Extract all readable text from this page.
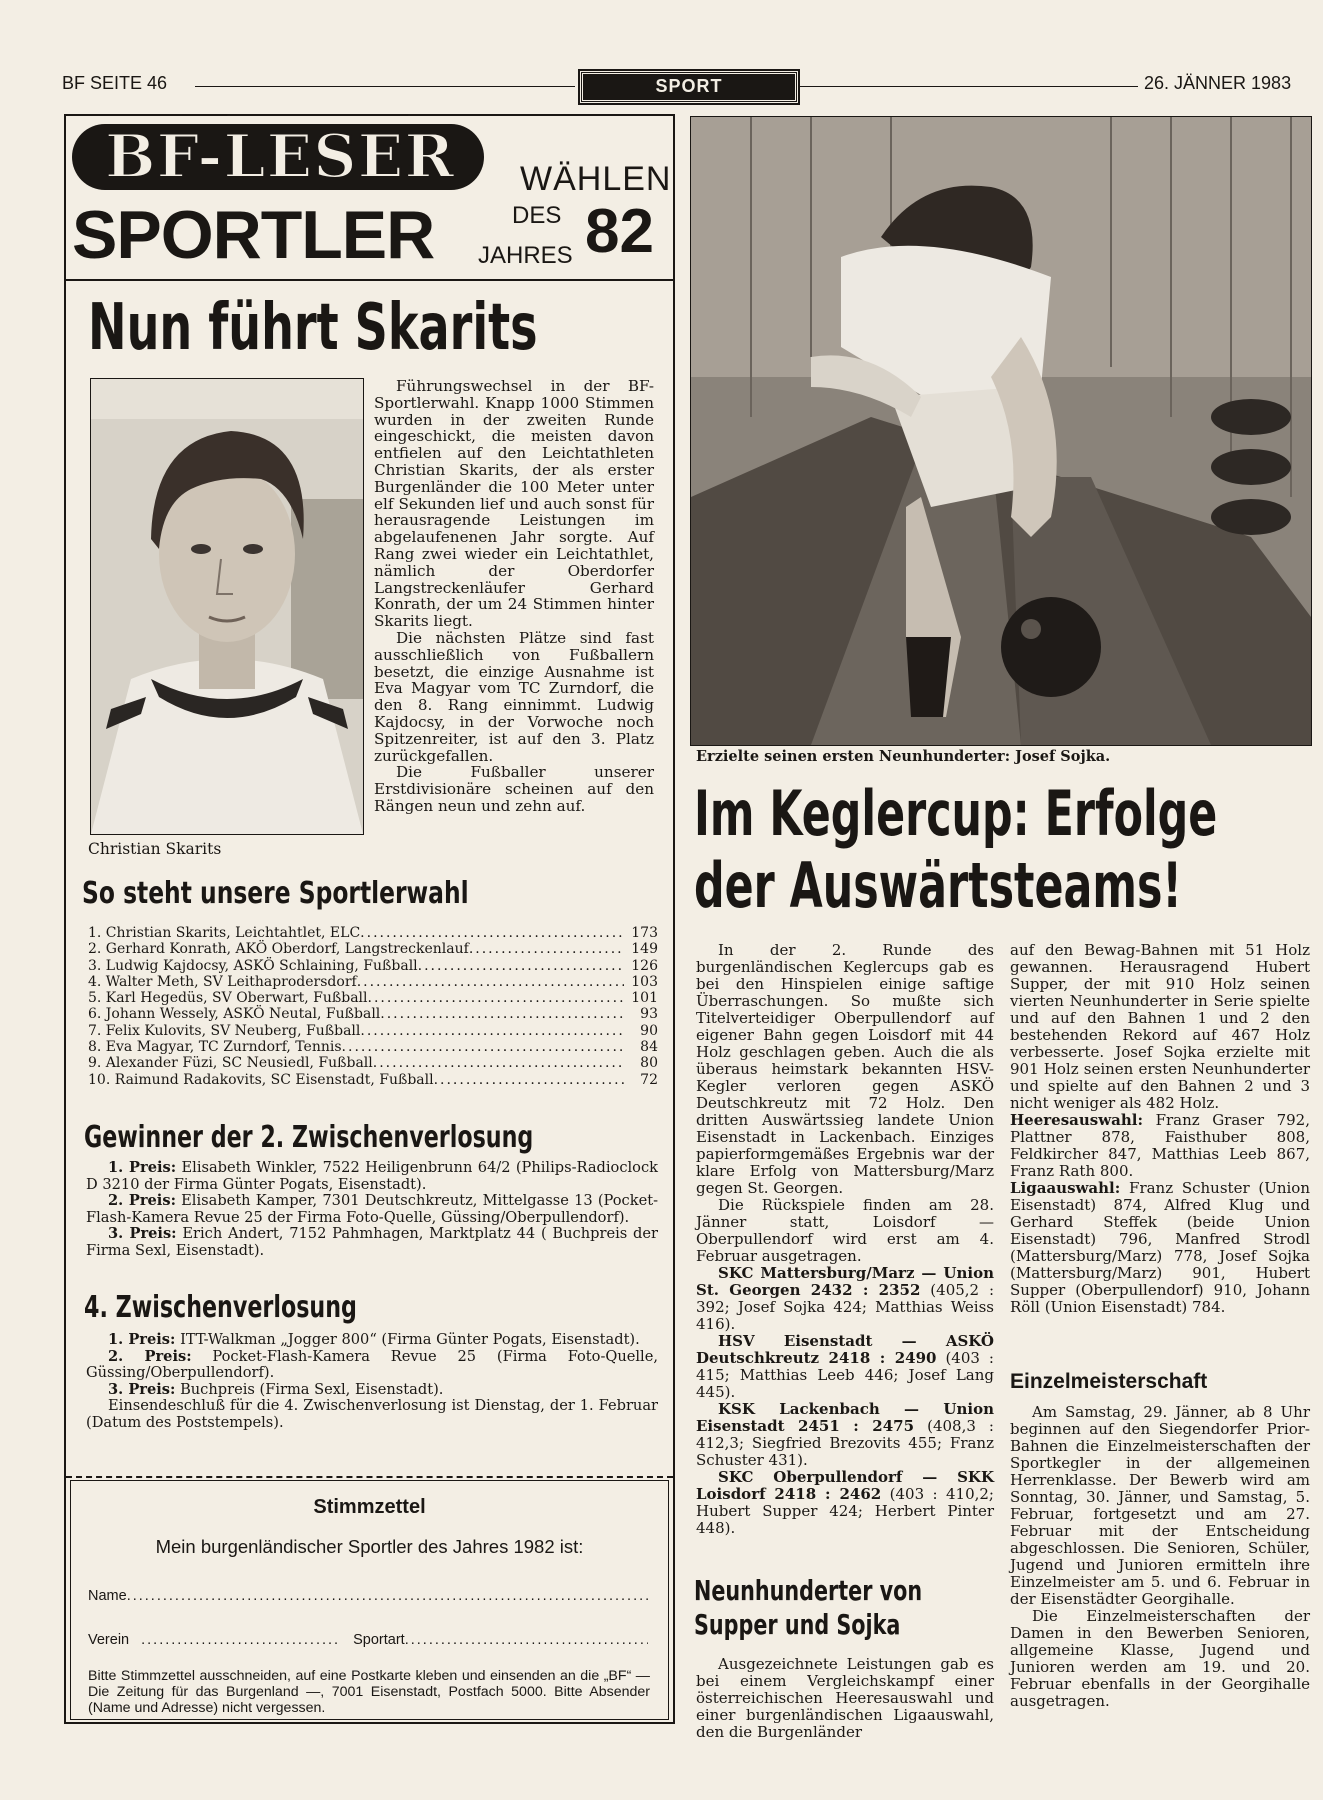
BF SEITE 46	SPORT	26. JÄNNER 1983
BF-LESER	WÄHLEN
SPORTLER	DES
JAHRES 82
Nun führt Skarits
Christian Skarits

Führungswechsel in der BF-Sportlerwahl. Knapp 1000 Stimmen wurden in der zweiten Runde eingeschickt, die meisten davon entfielen auf den Leichtathleten Christian Skarits, der als erster Burgenländer die 100 Meter unter elf Sekunden lief und auch sonst für herausragende Leistungen im abgelaufenenen Jahr sorgte. Auf Rang zwei wieder ein Leichtathlet, nämlich der Oberdorfer Langstreckenläufer Gerhard Konrath, der um 24 Stimmen hinter Skarits liegt.

Die nächsten Plätze sind fast ausschließlich von Fußballern besetzt, die einzige Ausnahme ist Eva Magyar vom TC Zurndorf, die den 8. Rang einnimmt. Ludwig Kajdocsy, in der Vorwoche noch Spitzenreiter, ist auf den 3. Platz zurückgefallen.

Die Fußballer unserer Erstdivisionäre scheinen auf den Rängen neun und zehn auf.

So steht unsere Sportlerwahl
1. Christian Skarits, Leichtahtlet, ELC .....	173
2. Gerhard Konrath, AKÖ Oberdorf, Langstreckenlauf .....	149
3. Ludwig Kajdocsy, ASKÖ Schlaining, Fußball .....	126
4. Walter Meth, SV Leithaprodersdorf .....	103
5. Karl Hegedüs, SV Oberwart, Fußball .....	101
6. Johann Wessely, ASKÖ Neutal, Fußball .....	93
7. Felix Kulovits, SV Neuberg, Fußball .....	90
8. Eva Magyar, TC Zurndorf, Tennis .....	84
9. Alexander Füzi, SC Neusiedl, Fußball .....	80
10. Raimund Radakovits, SC Eisenstadt, Fußball .....	72
Gewinner der 2. Zwischenverlosung

1. Preis: Elisabeth Winkler, 7522 Heiligenbrunn 64/2 (Philips-Radioclock D 3210 der Firma Günter Pogats, Eisenstadt).

2. Preis: Elisabeth Kamper, 7301 Deutschkreutz, Mittelgasse 13 (Pocket-Flash-Kamera Revue 25 der Firma Foto-Quelle, Güssing/Oberpullendorf).

3. Preis: Erich Andert, 7152 Pahmhagen, Marktplatz 44 ( Buchpreis der Firma Sexl, Eisenstadt).

4. Zwischenverlosung

1. Preis: ITT-Walkman „Jogger 800“ (Firma Günter Pogats, Eisenstadt).

2. Preis: Pocket-Flash-Kamera Revue 25 (Firma Foto-Quelle, Güssing/Oberpullendorf).

3. Preis: Buchpreis (Firma Sexl, Eisenstadt).

Einsendeschluß für die 4. Zwischenverlosung ist Dienstag, der 1. Februar (Datum des Poststempels).

Stimmzettel
Mein burgenländischer Sportler des Jahres 1982 ist:
Name
.....
Verein .....	Sportart
.....
Bitte Stimmzettel ausschneiden, auf eine Postkarte kleben und einsenden an die „BF“ — Die Zeitung für das Burgenland —, 7001 Eisenstadt, Postfach 5000. Bitte Absender (Name und Adresse) nicht vergessen.
Erzielte seinen ersten Neunhunderter: Josef Sojka.
Im Keglercup: Erfolge
der Auswärtsteams!

In der 2. Runde des burgenländischen Keglercups gab es bei den Hinspielen einige saftige Überraschungen. So mußte sich Titelverteidiger Oberpullendorf auf eigener Bahn gegen Loisdorf mit 44 Holz geschlagen geben. Auch die als überaus heimstark bekannten HSV-Kegler verloren gegen ASKÖ Deutschkreutz mit 72 Holz. Den dritten Auswärtssieg landete Union Eisenstadt in Lackenbach. Einziges papierformgemäßes Ergebnis war der klare Erfolg von Mattersburg/Marz gegen St. Georgen.

Die Rückspiele finden am 28. Jänner statt, Loisdorf — Oberpullendorf wird erst am 4. Februar ausgetragen.

SKC Mattersburg/Marz — Union St. Georgen 2432 : 2352 (405,2 : 392; Josef Sojka 424; Matthias Weiss 416).

HSV Eisenstadt — ASKÖ Deutschkreutz 2418 : 2490 (403 : 415; Matthias Leeb 446; Josef Lang 445).

KSK Lackenbach — Union Eisenstadt 2451 : 2475 (408,3 : 412,3; Siegfried Brezovits 455; Franz Schuster 431).

SKC Oberpullendorf — SKK Loisdorf 2418 : 2462 (403 : 410,2; Hubert Supper 424; Herbert Pinter 448).

Neunhunderter von Supper und Sojka

Ausgezeichnete Leistungen gab es bei einem Vergleichskampf einer österreichischen Heeresauswahl und einer burgenländischen Ligaauswahl, den die Burgenländer

auf den Bewag-Bahnen mit 51 Holz gewannen. Herausragend Hubert Supper, der mit 910 Holz seinen vierten Neunhunderter in Serie spielte und auf den Bahnen 1 und 2 den bestehenden Rekord auf 467 Holz verbesserte. Josef Sojka erzielte mit 901 Holz seinen ersten Neunhunderter und spielte auf den Bahnen 2 und 3 nicht weniger als 482 Holz.

Heeresauswahl: Franz Graser 792, Plattner 878, Faisthuber 808, Feldkircher 847, Matthias Leeb 867, Franz Rath 800.

Ligaauswahl: Franz Schuster (Union Eisenstadt) 874, Alfred Klug und Gerhard Steffek (beide Union Eisenstadt) 796, Manfred Strodl (Mattersburg/Marz) 778, Josef Sojka (Mattersburg/Marz) 901, Hubert Supper (Oberpullendorf) 910, Johann Röll (Union Eisenstadt) 784.

Einzelmeisterschaft

Am Samstag, 29. Jänner, ab 8 Uhr beginnen auf den Siegendorfer Prior-Bahnen die Einzelmeisterschaften der Sportkegler in der allgemeinen Herrenklasse. Der Bewerb wird am Sonntag, 30. Jänner, und Samstag, 5. Februar, fortgesetzt und am 27. Februar mit der Entscheidung abgeschlossen. Die Senioren, Schüler, Jugend und Junioren ermitteln ihre Einzelmeister am 5. und 6. Februar in der Eisenstädter Georgihalle.

Die Einzelmeisterschaften der Damen in den Bewerben Senioren, allgemeine Klasse, Jugend und Junioren werden am 19. und 20. Februar ebenfalls in der Georgihalle ausgetragen.
